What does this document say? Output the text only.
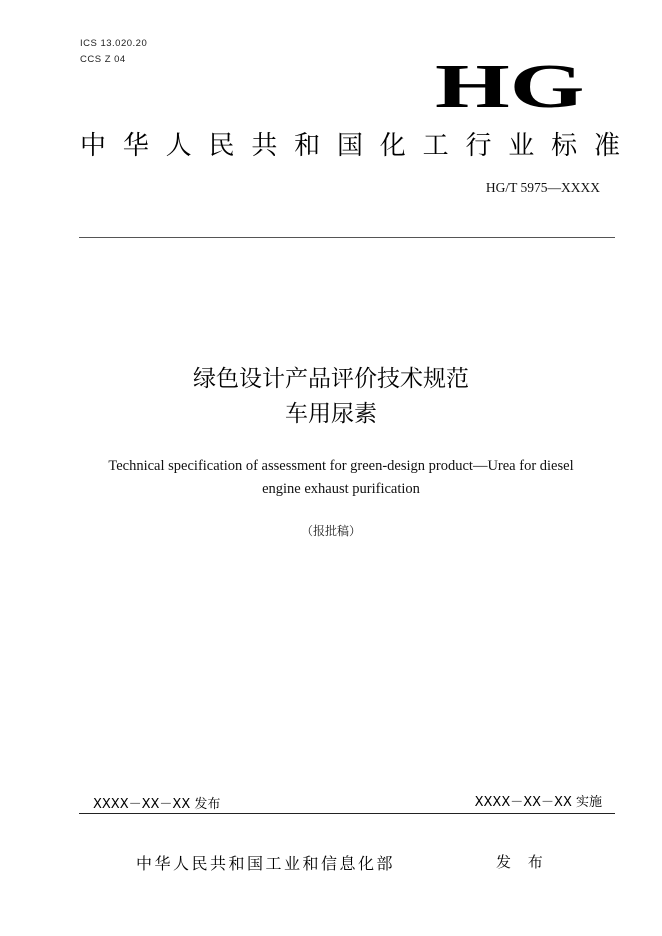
ICS 13.020.20
CCS Z 04	HG
中 华 人 民 共 和 国 化 工 行 业 标 准
HG/T 5975—XXXX
绿色设计产品评价技术规范
车用尿素
Technical specification of assessment for green-design product—Urea for diesel
engine exhaust purification
（报批稿）
XXXX－XX－XX 发布	XXXX－XX－XX 实施
中华人民共和国工业和信息化部	发 布
